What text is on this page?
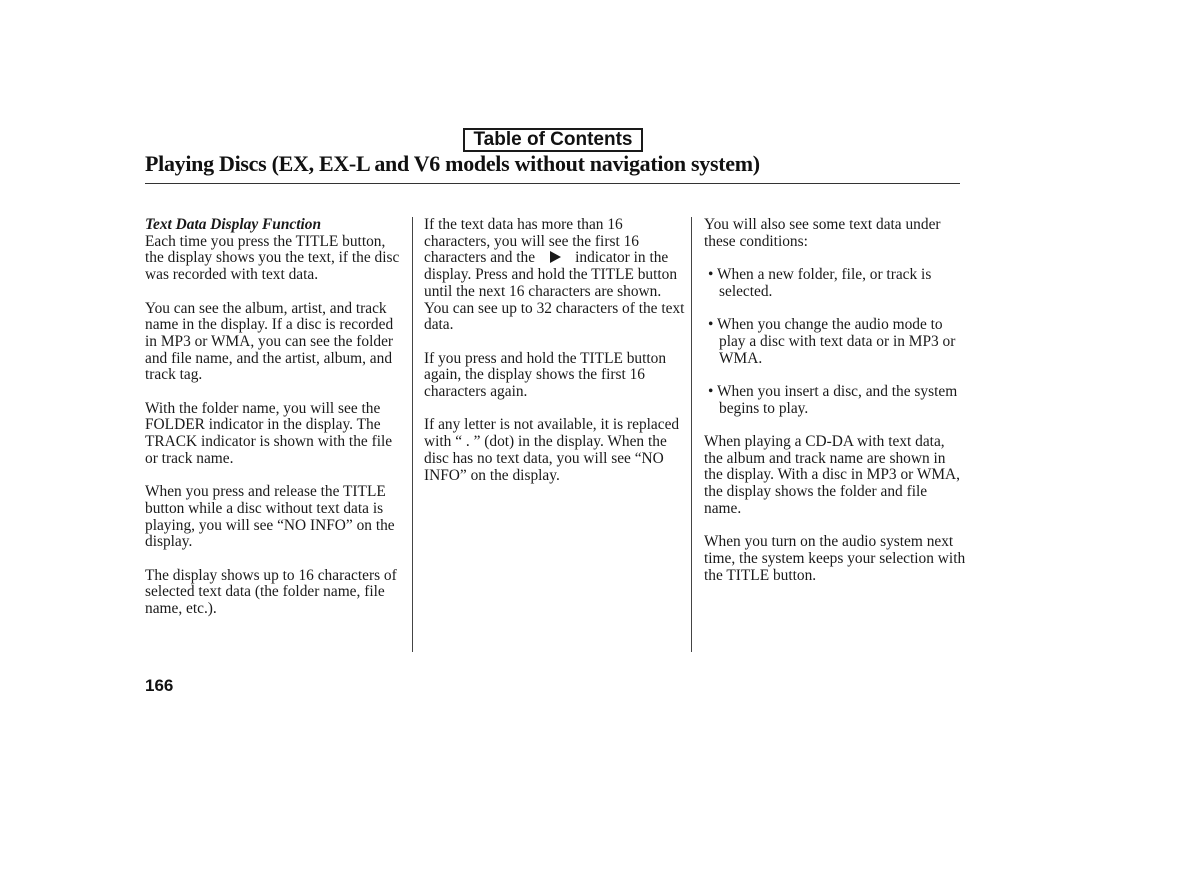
Table of Contents
Playing Discs (EX, EX-L and V6 models without navigation system)

Text Data Display Function
Each time you press the TITLE button, the display shows you the text, if the disc was recorded with text data.

You can see the album, artist, and track name in the display. If a disc is recorded in MP3 or WMA, you can see the folder and file name, and the artist, album, and track tag.

With the folder name, you will see the FOLDER indicator in the display. The TRACK indicator is shown with the file or track name.

When you press and release the TITLE button while a disc without text data is playing, you will see “NO INFO” on the display.

The display shows up to 16 characters of selected text data (the folder name, file name, etc.).

If the text data has more than 16 characters, you will see the first 16 characters and the	indicator in the display. Press and hold the TITLE button until the next 16 characters are shown. You can see up to 32 characters of the text data.

If you press and hold the TITLE button again, the display shows the first 16 characters again.

If any letter is not available, it is replaced with “ . ” (dot) in the display. When the disc has no text data, you will see “NO INFO” on the display.

You will also see some text data under these conditions:

• When a new folder, file, or track is selected.

• When you change the audio mode to play a disc with text data or in MP3 or WMA.

• When you insert a disc, and the system begins to play.

When playing a CD-DA with text data, the album and track name are shown in the display. With a disc in MP3 or WMA, the display shows the folder and file name.

When you turn on the audio system next time, the system keeps your selection with the TITLE button.

166
